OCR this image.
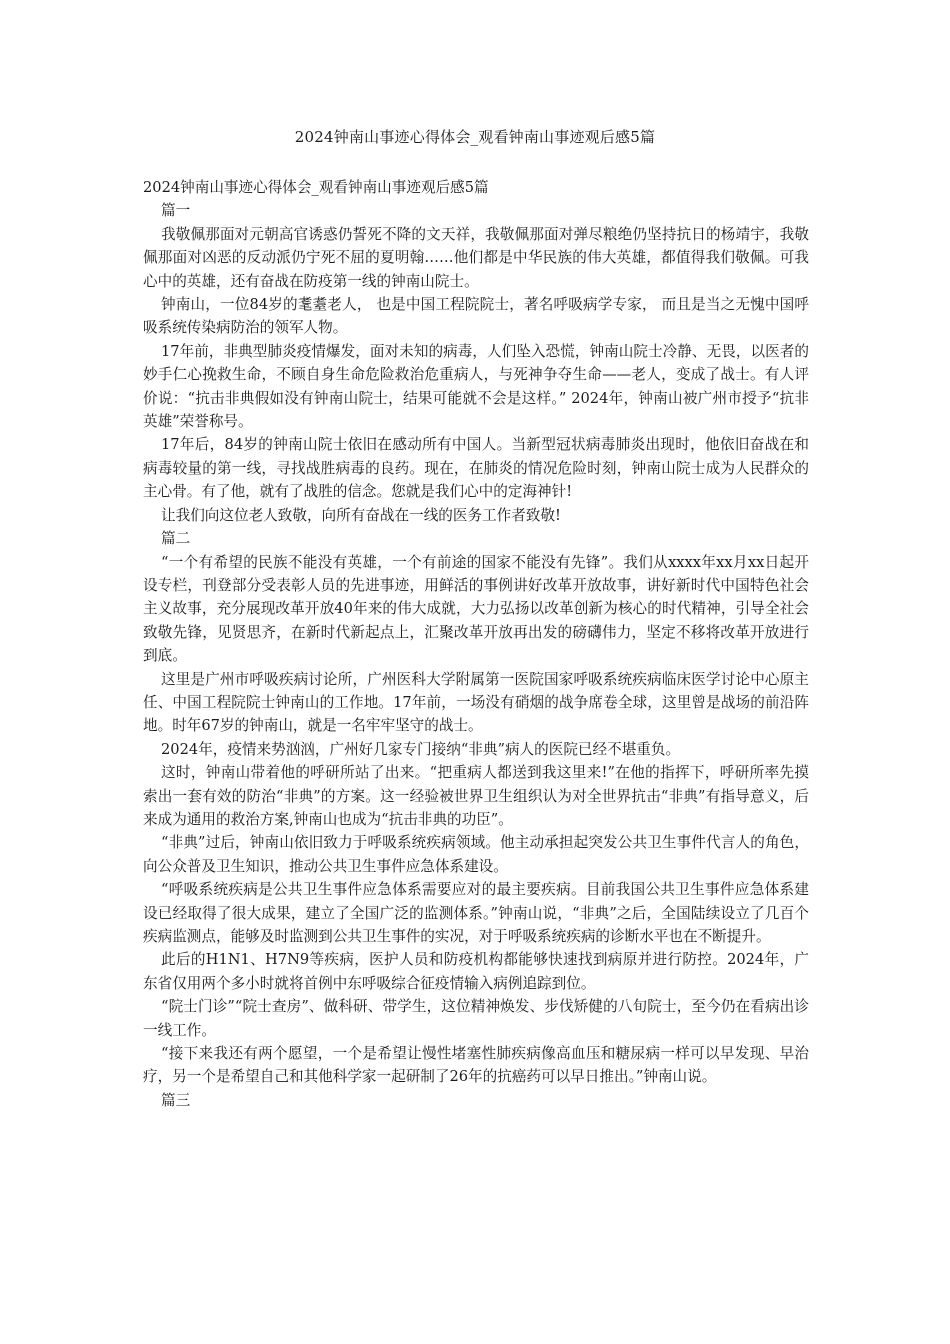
2024钟南山事迹心得体会_观看钟南山事迹观后感5篇

2024钟南山事迹心得体会_观看钟南山事迹观后感5篇

篇一

我敬佩那面对元朝高官诱惑仍誓死不降的文天祥，我敬佩那面对弹尽粮绝仍坚持抗日的杨靖宇，我敬佩那面对凶恶的反动派仍宁死不屈的夏明翰……他们都是中华民族的伟大英雄，都值得我们敬佩。可我心中的英雄，还有奋战在防疫第一线的钟南山院士。

钟南山，一位84岁的耄耋老人， 也是中国工程院院士，著名呼吸病学专家， 而且是当之无愧中国呼吸系统传染病防治的领军人物。

17年前，非典型肺炎疫情爆发，面对未知的病毒，人们坠入恐慌，钟南山院士冷静、无畏，以医者的妙手仁心挽救生命，不顾自身生命危险救治危重病人，与死神争夺生命——老人，变成了战士。有人评价说：“抗击非典假如没有钟南山院士，结果可能就不会是这样。” 2024年，钟南山被广州市授予“抗非英雄”荣誉称号。

17年后，84岁的钟南山院士依旧在感动所有中国人。当新型冠状病毒肺炎出现时，他依旧奋战在和病毒较量的第一线，寻找战胜病毒的良药。现在，在肺炎的情况危险时刻，钟南山院士成为人民群众的主心骨。有了他，就有了战胜的信念。您就是我们心中的定海神针!

让我们向这位老人致敬，向所有奋战在一线的医务工作者致敬!

篇二

“一个有希望的民族不能没有英雄，一个有前途的国家不能没有先锋”。我们从xxxx年xx月xx日起开设专栏，刊登部分受表彰人员的先进事迹，用鲜活的事例讲好改革开放故事，讲好新时代中国特色社会主义故事，充分展现改革开放40年来的伟大成就，大力弘扬以改革创新为核心的时代精神，引导全社会致敬先锋，见贤思齐，在新时代新起点上，汇聚改革开放再出发的磅礴伟力，坚定不移将改革开放进行到底。

这里是广州市呼吸疾病讨论所，广州医科大学附属第一医院国家呼吸系统疾病临床医学讨论中心原主任、中国工程院院士钟南山的工作地。17年前，一场没有硝烟的战争席卷全球，这里曾是战场的前沿阵地。时年67岁的钟南山，就是一名牢牢坚守的战士。

2024年，疫情来势汹汹，广州好几家专门接纳“非典”病人的医院已经不堪重负。

这时，钟南山带着他的呼研所站了出来。“把重病人都送到我这里来!”在他的指挥下，呼研所率先摸索出一套有效的防治“非典”的方案。这一经验被世界卫生组织认为对全世界抗击“非典”有指导意义，后来成为通用的救治方案,钟南山也成为“抗击非典的功臣”。

“非典”过后，钟南山依旧致力于呼吸系统疾病领域。他主动承担起突发公共卫生事件代言人的角色，向公众普及卫生知识，推动公共卫生事件应急体系建设。

“呼吸系统疾病是公共卫生事件应急体系需要应对的最主要疾病。目前我国公共卫生事件应急体系建设已经取得了很大成果，建立了全国广泛的监测体系。”钟南山说，“非典”之后，全国陆续设立了几百个疾病监测点，能够及时监测到公共卫生事件的实况，对于呼吸系统疾病的诊断水平也在不断提升。

此后的H1N1、H7N9等疾病，医护人员和防疫机构都能够快速找到病原并进行防控。2024年，广东省仅用两个多小时就将首例中东呼吸综合征疫情输入病例追踪到位。

“院士门诊”“院士查房”、做科研、带学生，这位精神焕发、步伐矫健的八旬院士，至今仍在看病出诊一线工作。

“接下来我还有两个愿望，一个是希望让慢性堵塞性肺疾病像高血压和糖尿病一样可以早发现、早治疗，另一个是希望自己和其他科学家一起研制了26年的抗癌药可以早日推出。”钟南山说。

篇三
